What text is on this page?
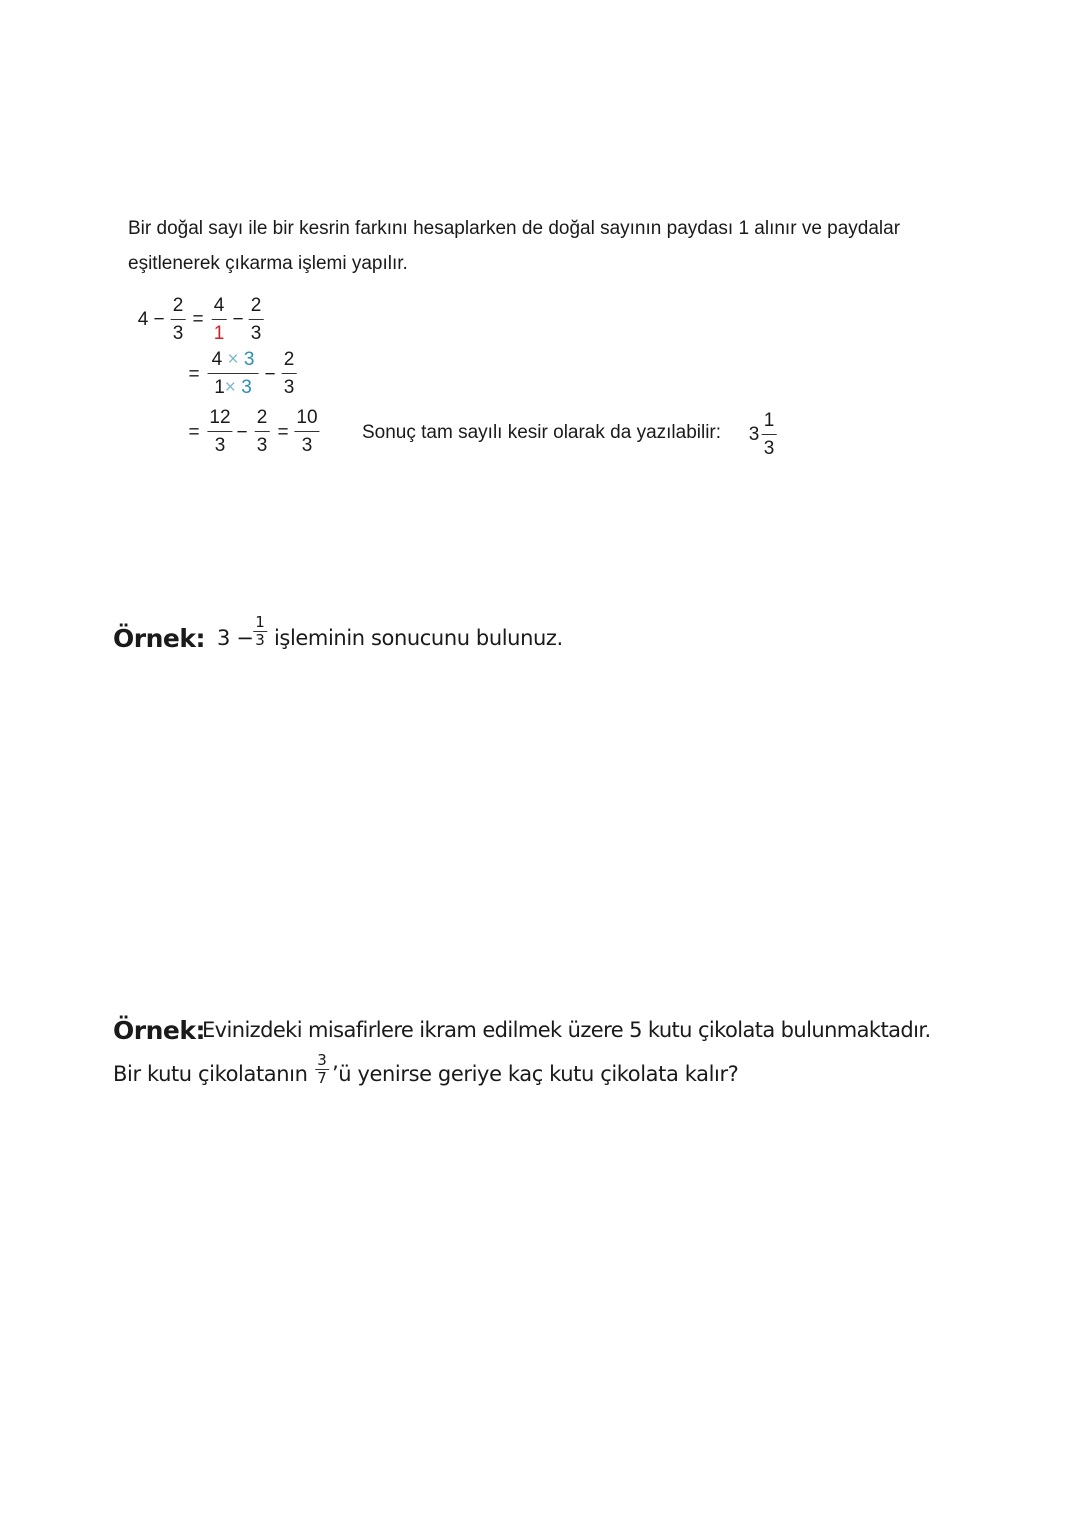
Bir doğal sayı ile bir kesrin farkını hesaplarken de doğal sayının paydası 1 alınır ve paydalar
eşitlenerek çıkarma işlemi yapılır.
$4 - \frac{2}{3} = \frac{4}{1} - \frac{2}{3}$
= $\frac{4 \times 3}{1\times 3} - \frac{2}{3}$
= $\frac{12}{3} - \frac{2}{3} = \frac{10}{3}$ Sonuç tam sayılı kesir olarak da yazılabilir: $3 \frac{1}{3}$
Örnek: $3 - \frac{1}{3}$ işleminin sonucunu bulunuz.
Örnek:
Evinizdeki misafirlere ikram edilmek üzere 5 kutu çikolata bulunmaktadır.
Bir kutu çikolatanın $\frac{3}{7}$ ’ü yenirse geriye kaç kutu çikolata kalır?
